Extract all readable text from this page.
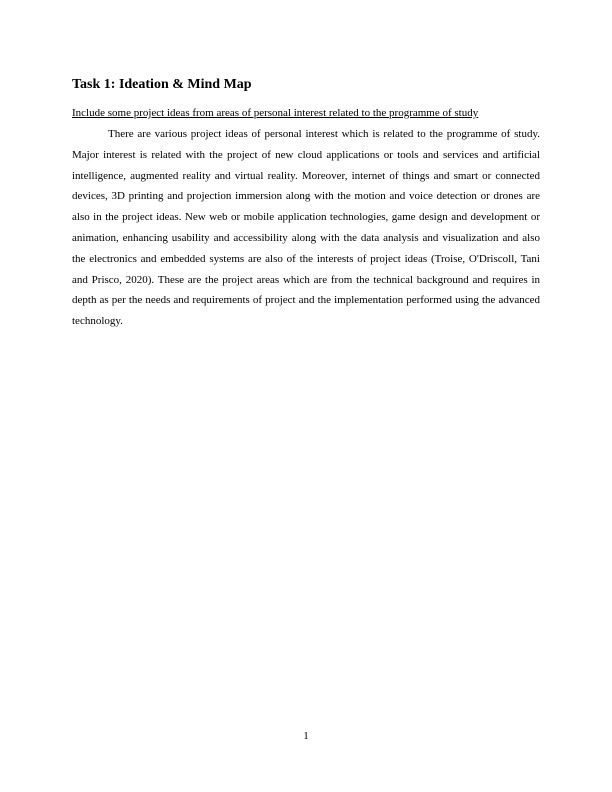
Task 1: Ideation & Mind Map

Include some project ideas from areas of personal interest related to the programme of study

There are various project ideas of personal interest which is related to the programme of study. Major interest is related with the project of new cloud applications or tools and services and artificial intelligence, augmented reality and virtual reality. Moreover, internet of things and smart or connected devices, 3D printing and projection immersion along with the motion and voice detection or drones are also in the project ideas. New web or mobile application technologies, game design and development or animation, enhancing usability and accessibility along with the data analysis and visualization and also the electronics and embedded systems are also of the interests of project ideas (Troise, O'Driscoll, Tani and Prisco, 2020). These are the project areas which are from the technical background and requires in depth as per the needs and requirements of project and the implementation performed using the advanced technology.

1
